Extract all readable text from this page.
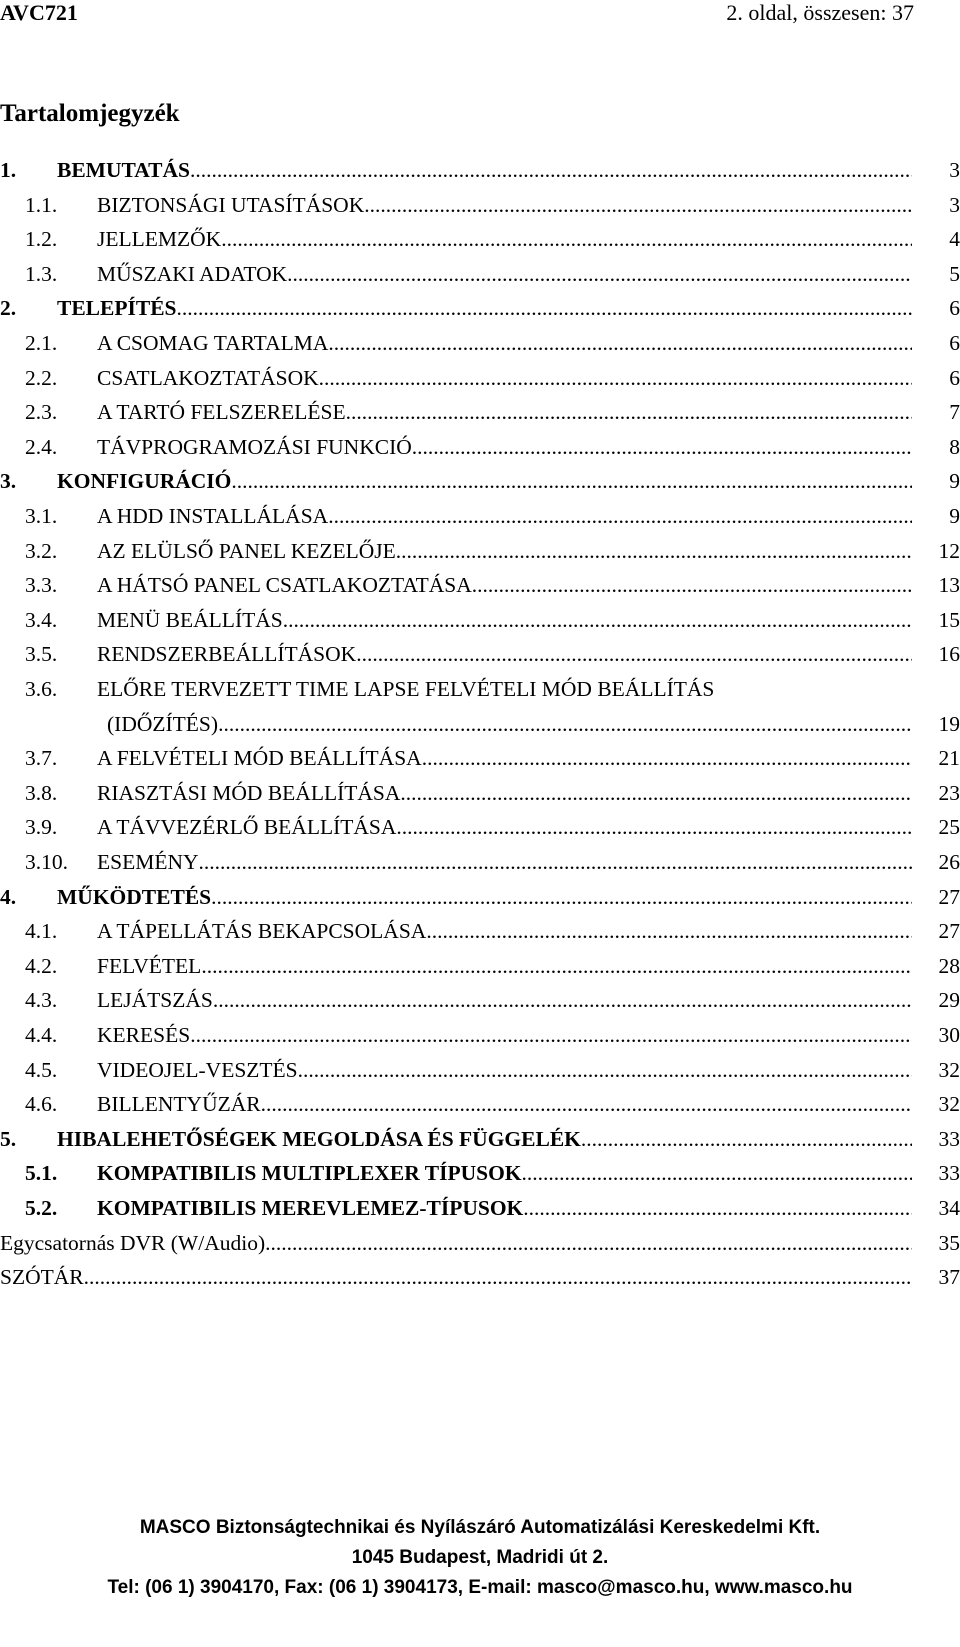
AVC721	2. oldal, összesen: 37
Tartalomjegyzék
1. BEMUTATÁS .....	3
1.1. BIZTONSÁGI UTASÍTÁSOK .....	3
1.2. JELLEMZŐK .....	4
1.3. MŰSZAKI ADATOK .....	5
2. TELEPÍTÉS .....	6
2.1. A CSOMAG TARTALMA .....	6
2.2. CSATLAKOZTATÁSOK .....	6
2.3. A TARTÓ FELSZERELÉSE .....	7
2.4. TÁVPROGRAMOZÁSI FUNKCIÓ .....	8
3. KONFIGURÁCIÓ .....	9
3.1. A HDD INSTALLÁLÁSA .....	9
3.2. AZ ELÜLSŐ PANEL KEZELŐJE .....	12
3.3. A HÁTSÓ PANEL CSATLAKOZTATÁSA .....	13
3.4. MENÜ BEÁLLÍTÁS .....	15
3.5. RENDSZERBEÁLLÍTÁSOK .....	16
3.6. ELŐRE TERVEZETT TIME LAPSE FELVÉTELI MÓD BEÁLLÍTÁS
(IDŐZÍTÉS) .....	19
3.7. A FELVÉTELI MÓD BEÁLLÍTÁSA .....	21
3.8. RIASZTÁSI MÓD BEÁLLÍTÁSA .....	23
3.9. A TÁVVEZÉRLŐ BEÁLLÍTÁSA .....	25
3.10. ESEMÉNY .....	26
4. MŰKÖDTETÉS .....	27
4.1. A TÁPELLÁTÁS BEKAPCSOLÁSA .....	27
4.2. FELVÉTEL .....	28
4.3. LEJÁTSZÁS .....	29
4.4. KERESÉS .....	30
4.5. VIDEOJEL-VESZTÉS .....	32
4.6. BILLENTYŰZÁR .....	32
5. HIBALEHETŐSÉGEK MEGOLDÁSA ÉS FÜGGELÉK .....	33
5.1. KOMPATIBILIS MULTIPLEXER TÍPUSOK .....	33
5.2. KOMPATIBILIS MEREVLEMEZ-TÍPUSOK .....	34
Egycsatornás DVR (W/Audio) .....	35
SZÓTÁR .....	37
MASCO Biztonságtechnikai és Nyílászáró Automatizálási Kereskedelmi Kft.
1045 Budapest, Madridi út 2.
Tel: (06 1) 3904170, Fax: (06 1) 3904173, E-mail: masco@masco.hu, www.masco.hu
